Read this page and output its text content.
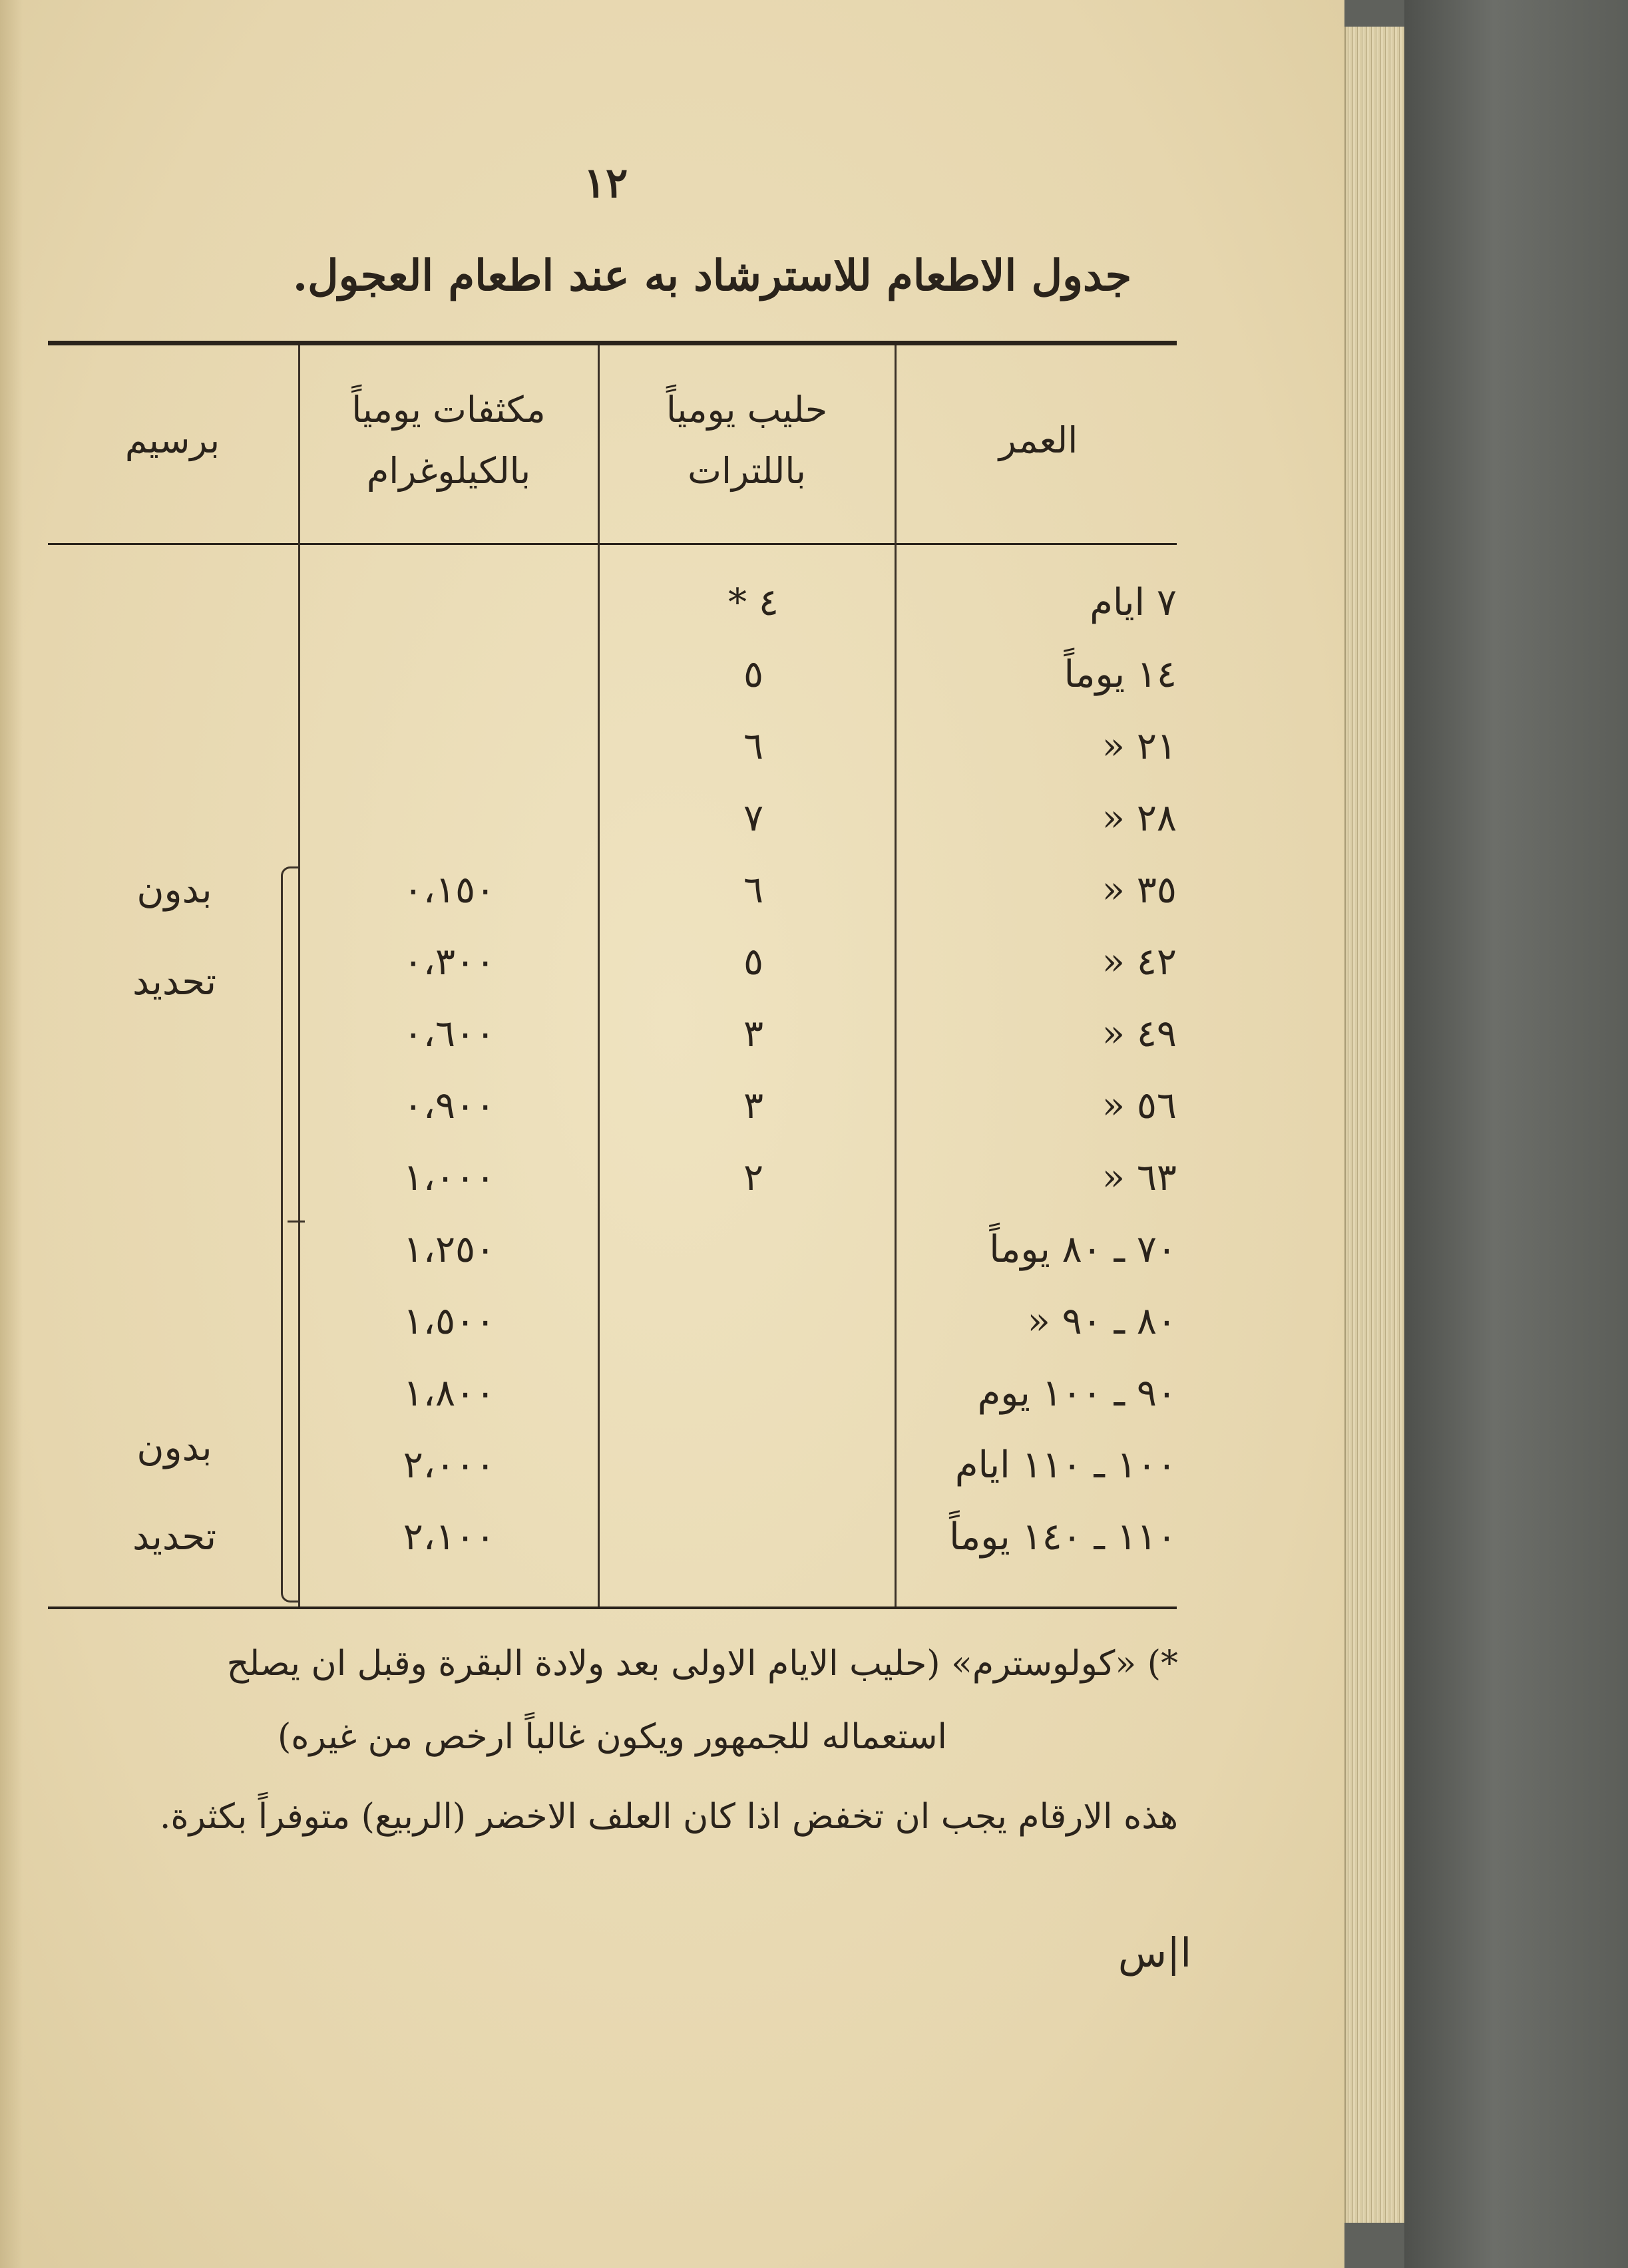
١٢
جدول الاطعام للاسترشاد به عند اطعام العجول.
العمر
حليب يومياً
باللترات
مكثفات يومياً
بالكيلوغرام
برسيم
٧ ايام
٤ *
١٤ يوماً
٥
٢١ «
٦
٢٨ «
٧
٣٥ «
٦
٠،١٥٠
٤٢ «
٥
٠،٣٠٠
٤٩ «
٣
٠،٦٠٠
٥٦ «
٣
٠،٩٠٠
٦٣ «
٢
١،٠٠٠
٧٠ ـ ٨٠ يوماً
١،٢٥٠
٨٠ ـ ٩٠ «
١،٥٠٠
٩٠ ـ ١٠٠ يوم
١،٨٠٠
١٠٠ ـ ١١٠ ايام
٢،٠٠٠
١١٠ ـ ١٤٠ يوماً
٢،١٠٠
بدون
تحديد
بدون
تحديد
*) «كولوسترم» (حليب الايام الاولى بعد ولادة البقرة وقبل ان يصلح
استعماله للجمهور ويكون غالباً ارخص من غيره)
هذه الارقام يجب ان تخفض اذا كان العلف الاخضر (الربيع) متوفراً بكثرة.
ا|س
